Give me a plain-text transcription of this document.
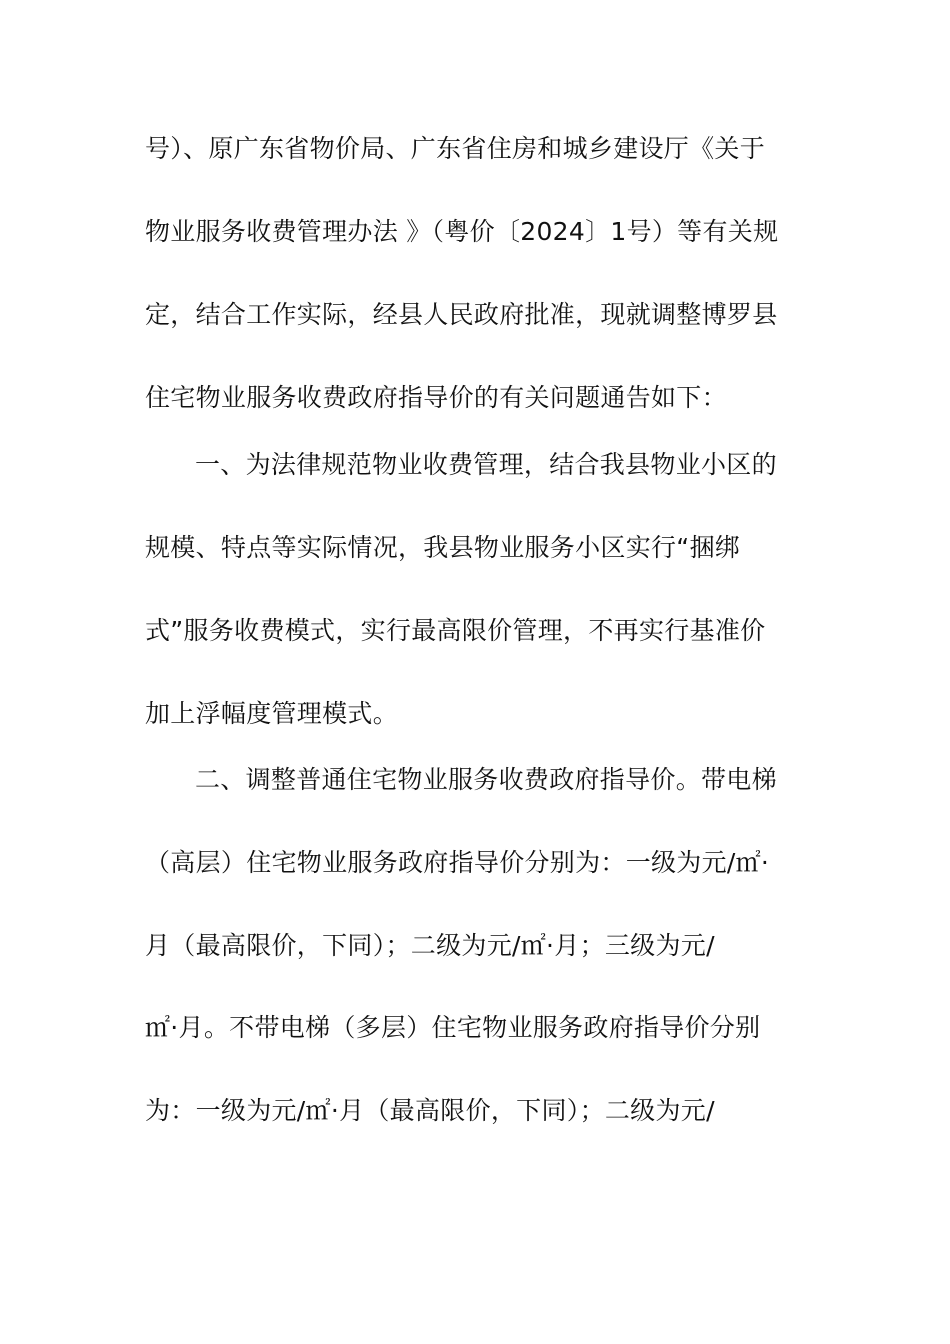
号）、原广东省物价局、广东省住房和城乡建设厅《关于
物业服务收费管理办法 》（粤价〔2024〕1号）等有关规
定，结合工作实际，经县人民政府批准，现就调整博罗县
住宅物业服务收费政府指导价的有关问题通告如下：
一、为法律规范物业收费管理，结合我县物业小区的
规模、特点等实际情况，我县物业服务小区实行“捆绑
式”服务收费模式，实行最高限价管理，不再实行基准价
加上浮幅度管理模式。
二、调整普通住宅物业服务收费政府指导价。带电梯
（高层）住宅物业服务政府指导价分别为：一级为元/㎡·
月（最高限价，下同）；二级为元/㎡·月；三级为元/
㎡·月。不带电梯（多层）住宅物业服务政府指导价分别
为：一级为元/㎡·月（最高限价，下同）；二级为元/
